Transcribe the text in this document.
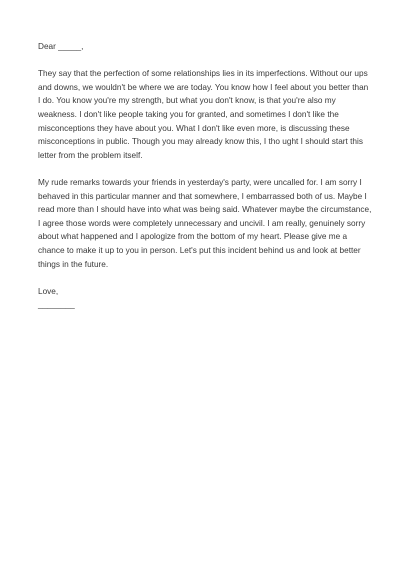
Dear _____,

They say that the perfection of some relationships lies in its imperfections. Without our ups

and downs, we wouldn't be where we are today. You know how I feel about you better than

I do. You know you're my strength, but what you don't know, is that you're also my

weakness. I don't like people taking you for granted, and sometimes I don't like the

misconceptions they have about you. What I don't like even more, is discussing these

misconceptions in public. Though you may already know this, I tho ught I should start this

letter from the problem itself.

My rude remarks towards your friends in yesterday's party, were uncalled for. I am sorry I

behaved in this particular manner and that somewhere, I embarrassed both of us. Maybe I

read more than I should have into what was being said. Whatever maybe the circumstance,

I agree those words were completely unnecessary and uncivil. I am really, genuinely sorry

about what happened and I apologize from the bottom of my heart. Please give me a

chance to make it up to you in person. Let's put this incident behind us and look at better

things in the future.

Love,

________
